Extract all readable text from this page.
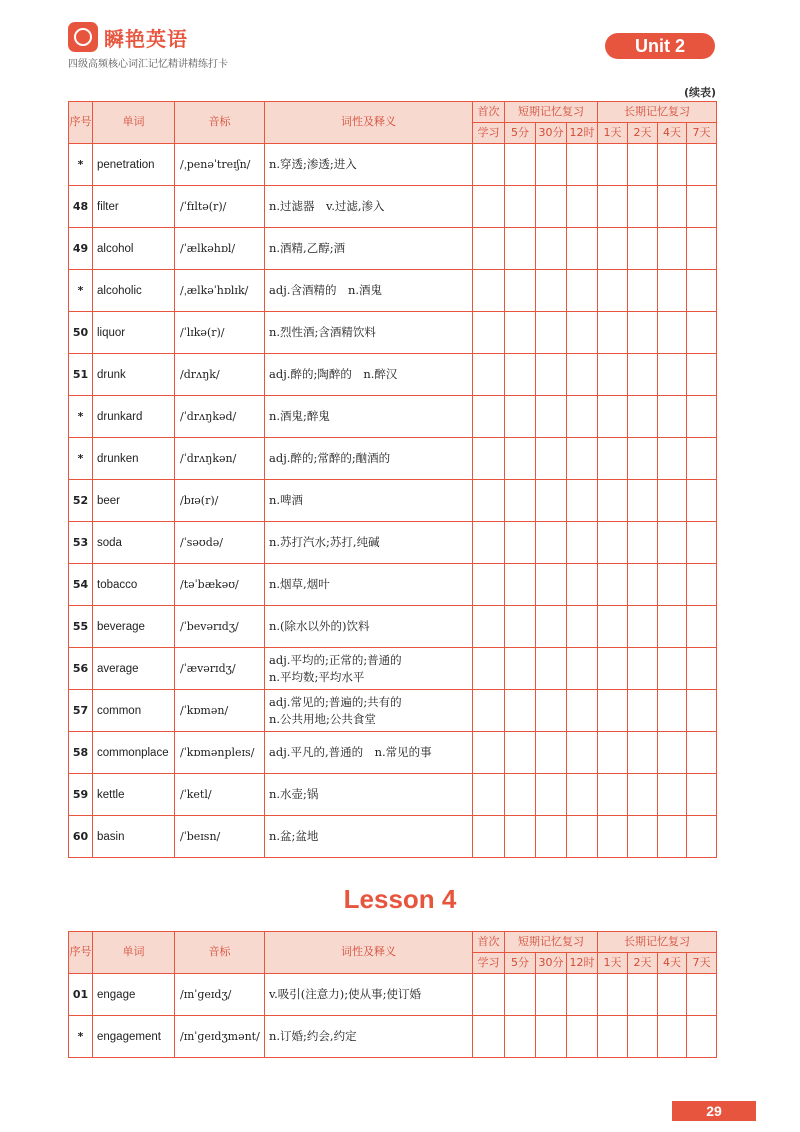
瞬艳英语
四级高频核心词汇记忆精讲精练打卡
Unit 2
(续表)
序号	单词	音标	词性及释义	首次	短期记忆复习			长期记忆复习			
				学习	5分	30分	12时	1天	2天	4天	7天
*	penetration	/ˌpenəˈtreɪʃn/	n.穿透;渗透;进入								

48	filter	/ˈfɪltə(r)/	n.过滤器　v.过滤,渗入								

49	alcohol	/ˈælkəhɒl/	n.酒精,乙醇;酒								

*	alcoholic	/ˌælkəˈhɒlɪk/	adj.含酒精的　n.酒鬼								

50	liquor	/ˈlɪkə(r)/	n.烈性酒;含酒精饮料								

51	drunk	/drʌŋk/	adj.醉的;陶醉的　n.醉汉								

*	drunkard	/ˈdrʌŋkəd/	n.酒鬼;醉鬼								

*	drunken	/ˈdrʌŋkən/	adj.醉的;常醉的;酗酒的								

52	beer	/bɪə(r)/	n.啤酒								

53	soda	/ˈsəʊdə/	n.苏打汽水;苏打,纯碱								

54	tobacco	/təˈbækəʊ/	n.烟草,烟叶								

55	beverage	/ˈbevərɪdʒ/	n.(除水以外的)饮料								

56	average	/ˈævərɪdʒ/	adj.平均的;正常的;普通的
n.平均数;平均水平								

57	common	/ˈkɒmən/	adj.常见的;普遍的;共有的
n.公共用地;公共食堂								

58	commonplace	/ˈkɒmənpleɪs/	adj.平凡的,普通的　n.常见的事								

59	kettle	/ˈketl/	n.水壶;锅								

60	basin	/ˈbeɪsn/	n.盆;盆地								

Lesson 4
序号	单词	音标	词性及释义	首次	短期记忆复习			长期记忆复习			
				学习	5分	30分	12时	1天	2天	4天	7天
01	engage	/ɪnˈɡeɪdʒ/	v.吸引(注意力);使从事;使订婚								

*	engagement	/ɪnˈɡeɪdʒmənt/	n.订婚;约会,约定								

29
